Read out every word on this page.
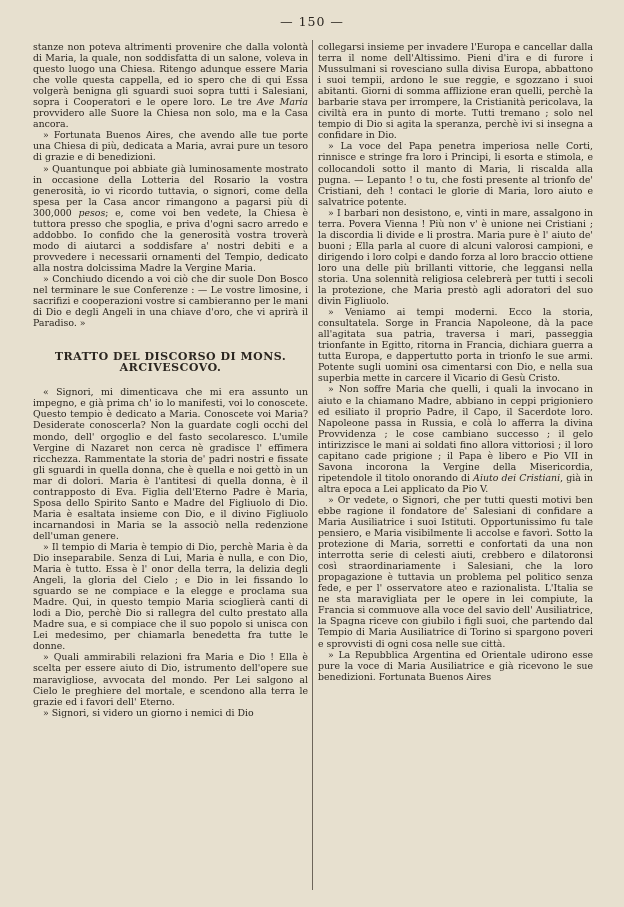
— 150 —

stanze non poteva altrimenti provenire che dalla volontà di Maria, la quale, non soddisfatta di un salone, voleva in questo luogo una Chiesa. Ritengo adunque essere Maria che volle questa cappella, ed io spero che di qui Essa volgerà benigna gli sguardi suoi sopra tutti i Salesiani, sopra i Cooperatori e le opere loro. Le tre Ave Maria provvidero alle Suore la Chiesa non solo, ma e la Casa ancora.

» Fortunata Buenos Aires, che avendo alle tue porte una Chiesa di più, dedicata a Maria, avrai pure un tesoro di grazie e di benedizioni.

» Quantunque poi abbiate già luminosamente mostrato in occasione della Lotteria del Rosario la vostra generosità, io vi ricordo tuttavia, o signori, come della spesa per la Casa ancor rimangono a pagarsi più di 300,000 pesos; e, come voi ben vedete, la Chiesa è tuttora presso che spoglia, e priva d'ogni sacro arredo e addobbo. Io confido che la generosità vostra troverà modo di aiutarci a soddisfare a' nostri debiti e a provvedere i necessarii ornamenti del Tempio, dedicato alla nostra dolcissima Madre la Vergine Maria.

» Conchiudo dicendo a voi ciò che dir suole Don Bosco nel terminare le sue Conferenze : — Le vostre limosine, i sacrifizi e cooperazioni vostre si cambieranno per le mani di Dio e degli Angeli in una chiave d'oro, che vi aprirà il Paradiso. »

TRATTO DEL DISCORSO DI MONS. ARCIVESCOVO.

« Signori, mi dimenticava che mi era assunto un impegno, e già prima ch' io lo manifesti, voi lo conoscete. Questo tempio è dedicato a Maria. Conoscete voi Maria? Desiderate conoscerla? Non la guardate cogli occhi del mondo, dell' orgoglio e del fasto secolaresco. L'umile Vergine di Nazaret non cerca nè gradisce l' effimera ricchezza. Rammentate la storia de' padri nostri e fissate gli sguardi in quella donna, che è quella e noi gettò in un mar di dolori. Maria è l'antitesi di quella donna, è il contrapposto di Eva. Figlia dell'Eterno Padre è Maria, Sposa dello Spirito Santo e Madre del Figliuolo di Dio. Maria è esaltata insieme con Dio, e il divino Figliuolo incarnandosi in Maria se la associò nella redenzione dell'uman genere.

» Il tempio di Maria è tempio di Dio, perchè Maria è da Dio inseparabile. Senza di Lui, Maria è nulla, e con Dio, Maria è tutto. Essa è l' onor della terra, la delizia degli Angeli, la gloria del Cielo ; e Dio in lei fissando lo sguardo se ne compiace e la elegge e proclama sua Madre. Qui, in questo tempio Maria scioglierà canti di lodi a Dio, perchè Dio si rallegra del culto prestato alla Madre sua, e si compiace che il suo popolo si unisca con Lei medesimo, per chiamarla benedetta fra tutte le donne.

» Quali ammirabili relazioni fra Maria e Dio ! Ella è scelta per essere aiuto di Dio, istrumento dell'opere sue maravigliose, avvocata del mondo. Per Lei salgono al Cielo le preghiere del mortale, e scendono alla terra le grazie ed i favori dell' Eterno.

» Signori, si videro un giorno i nemici di Dio

collegarsi insieme per invadere l'Europa e cancellar dalla terra il nome dell'Altissimo. Pieni d'ira e di furore i Mussulmani si rovesciano sulla divisa Europa, abbattono i suoi tempii, ardono le sue reggie, e sgozzano i suoi abitanti. Giorni di somma afflizione eran quelli, perchè la barbarie stava per irrompere, la Cristianità pericolava, la civiltà era in punto di morte. Tutti tremano ; solo nel tempio di Dio si agita la speranza, perchè ivi si insegna a confidare in Dio.

» La voce del Papa penetra imperiosa nelle Corti, rinnisce e stringe fra loro i Principi, li esorta e stimola, e collocandoli sotto il manto di Maria, li riscalda alla pugna. — Lepanto ! o tu, che fosti presente al trionfo de' Cristiani, deh ! contaci le glorie di Maria, loro aiuto e salvatrice potente.

» I barbari non desistono, e, vinti in mare, assalgono in terra. Povera Vienna ! Più non v' è unione nei Cristiani ; la discordia li divide e li prostra. Maria pure è l' aiuto de' buoni ; Ella parla al cuore di alcuni valorosi campioni, e dirigendo i loro colpi e dando forza al loro braccio ottiene loro una delle più brillanti vittorie, che leggansi nella storia. Una solennità religiosa celebrerà per tutti i secoli la protezione, che Maria prestò agli adoratori del suo divin Figliuolo.

» Veniamo ai tempi moderni. Ecco la storia, consultatela. Sorge in Francia Napoleone, dà la pace all'agitata sua patria, traversa i mari, passeggia trionfante in Egitto, ritorna in Francia, dichiara guerra a tutta Europa, e dappertutto porta in trionfo le sue armi. Potente sugli uomini osa cimentarsi con Dio, e nella sua superbia mette in carcere il Vicario di Gesù Cristo.

» Non soffre Maria che quelli, i quali la invocano in aiuto e la chiamano Madre, abbiano in ceppi prigioniero ed esiliato il proprio Padre, il Capo, il Sacerdote loro. Napoleone passa in Russia, e colà lo afferra la divina Provvidenza ; le cose cambiano successo ; il gelo intirizzisce le mani ai soldati fino allora vittoriosi ; il loro capitano cade prigione ; il Papa è libero e Pio VII in Savona incorona la Vergine della Misericordia, ripetendole il titolo onorando di Aiuto dei Cristiani, già in altra epoca a Lei applicato da Pio V.

» Or vedete, o Signori, che per tutti questi motivi ben ebbe ragione il fondatore de' Salesiani di confidare a Maria Ausiliatrice i suoi Istituti. Opportunissimo fu tale pensiero, e Maria visibilmente li accolse e favorì. Sotto la protezione di Maria, sorretti e confortati da una non interrotta serie di celesti aiuti, crebbero e dilatoronsi così straordinariamente i Salesiani, che la loro propagazione è tuttavia un problema pel politico senza fede, e per l' osservatore ateo e razionalista. L'Italia se ne sta maravigliata per le opere in lei compiute, la Francia si commuove alla voce del savio dell' Ausiliatrice, la Spagna riceve con giubilo i figli suoi, che partendo dal Tempio di Maria Ausiliatrice di Torino si spargono poveri e sprovvisti di ogni cosa nelle sue città.

» La Repubblica Argentina ed Orientale udirono esse pure la voce di Maria Ausiliatrice e già ricevono le sue benedizioni. Fortunata Buenos Aires
